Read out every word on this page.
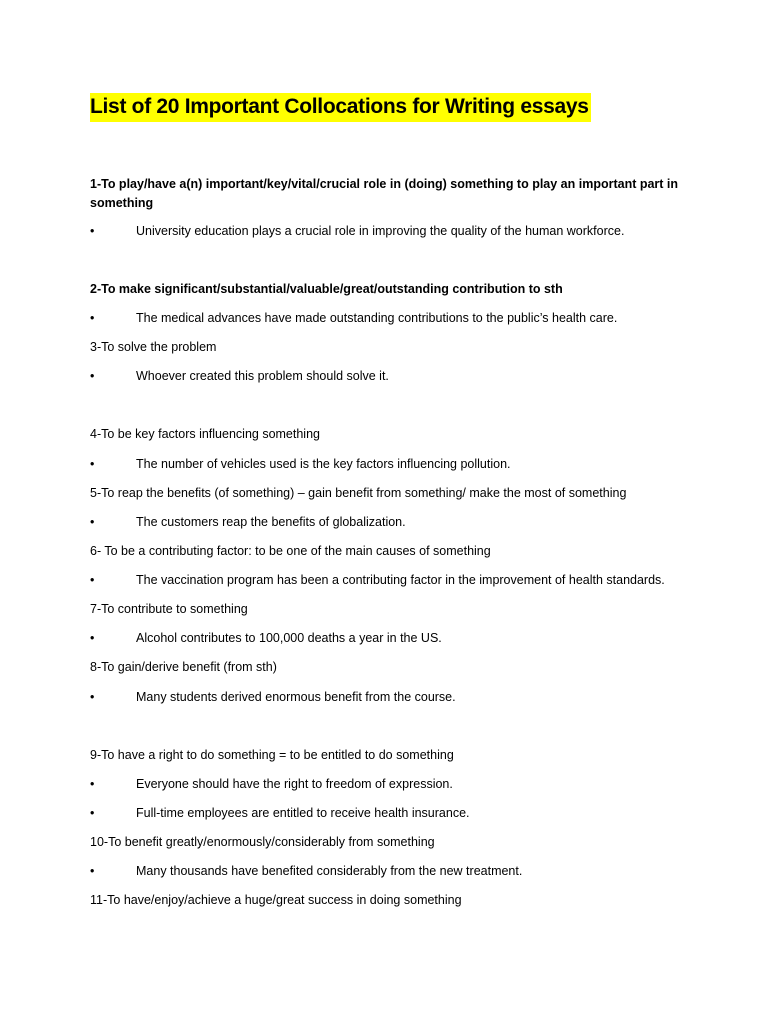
List of 20 Important Collocations for Writing essays
1-To play/have a(n) important/key/vital/crucial role in (doing) something to play an important part in something
•	University education plays a crucial role in improving the quality of the human workforce.
2-To make significant/substantial/valuable/great/outstanding contribution to sth
•	The medical advances have made outstanding contributions to the public’s health care.
3-To solve the problem
•	Whoever created this problem should solve it.
4-To be key factors influencing something
•	The number of vehicles used is the key factors influencing pollution.
5-To reap the benefits (of something) – gain benefit from something/ make the most of something
•	The customers reap the benefits of globalization.
6- To be a contributing factor: to be one of the main causes of something
•	The vaccination program has been a contributing factor in the improvement of health standards.
7-To contribute to something
•	Alcohol contributes to 100,000 deaths a year in the US.
8-To gain/derive benefit (from sth)
•	Many students derived enormous benefit from the course.
9-To have a right to do something = to be entitled to do something
•	Everyone should have the right to freedom of expression.
•	Full-time employees are entitled to receive health insurance.
10-To benefit greatly/enormously/considerably from something
•	Many thousands have benefited considerably from the new treatment.
11-To have/enjoy/achieve a huge/great success in doing something
